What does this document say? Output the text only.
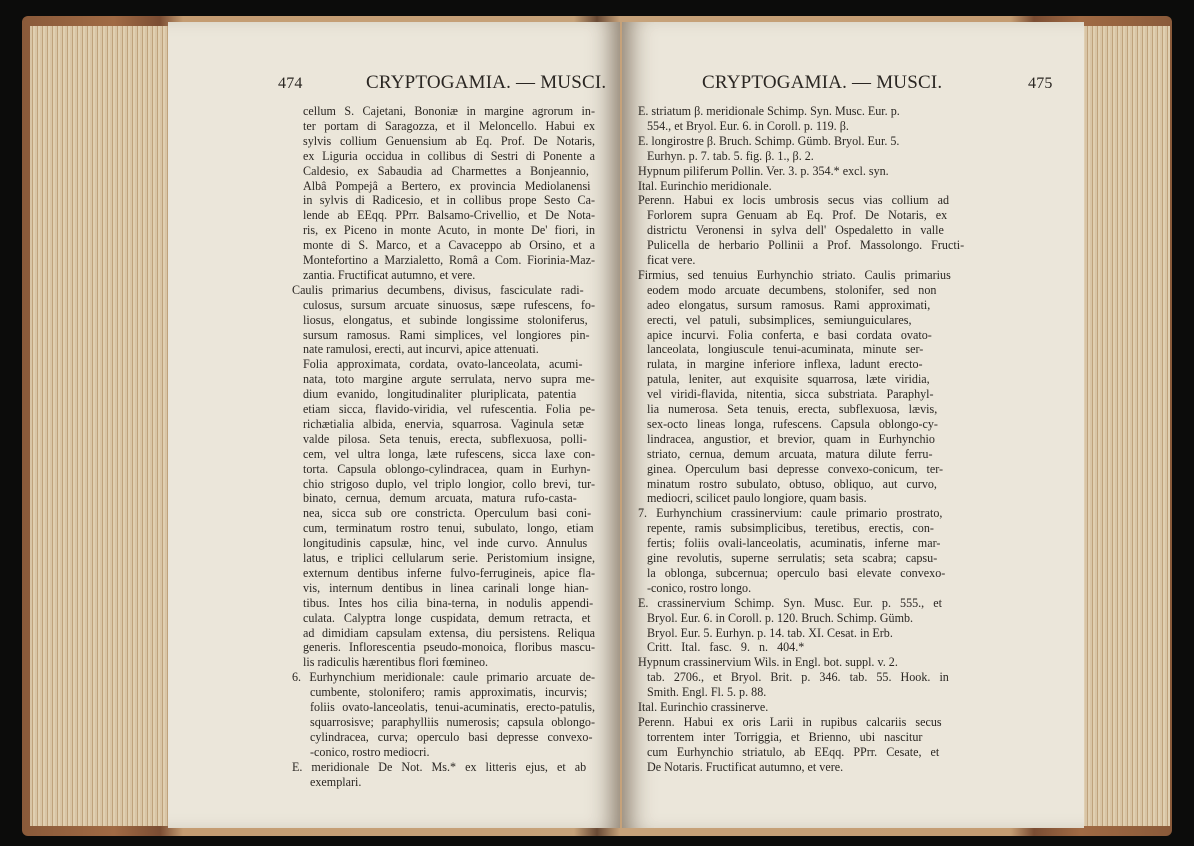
474	CRYPTOGAMIA. — MUSCI.
cellum S. Cajetani, Bononiæ in margine agrorum in-
ter portam di Saragozza, et il Meloncello. Habui ex
sylvis collium Genuensium ab Eq. Prof. De Notaris,
ex Liguria occidua in collibus di Sestri di Ponente a
Caldesio, ex Sabaudia ad Charmettes a Bonjeannio,
Albâ Pompejâ a Bertero, ex provincia Mediolanensi
in sylvis di Radicesio, et in collibus prope Sesto Ca-
lende ab EEqq. PPrr. Balsamo-Crivellio, et De Nota-
ris, ex Piceno in monte Acuto, in monte De' fiori, in
monte di S. Marco, et a Cavaceppo ab Orsino, et a
Montefortino a Marzialetto, Româ a Com. Fiorinia-Maz-
zantia. Fructificat autumno, et vere.
Caulis primarius decumbens, divisus, fasciculate radi-
culosus, sursum arcuate sinuosus, sæpe rufescens, fo-
liosus, elongatus, et subinde longissime stoloniferus,
sursum ramosus. Rami simplices, vel longiores pin-
nate ramulosi, erecti, aut incurvi, apice attenuati.
Folia approximata, cordata, ovato-lanceolata, acumi-
nata, toto margine argute serrulata, nervo supra me-
dium evanido, longitudinaliter pluriplicata, patentia
etiam sicca, flavido-viridia, vel rufescentia. Folia pe-
richætialia albida, enervia, squarrosa. Vaginula setæ
valde pilosa. Seta tenuis, erecta, subflexuosa, polli-
cem, vel ultra longa, læte rufescens, sicca laxe con-
torta. Capsula oblongo-cylindracea, quam in Eurhyn-
chio strigoso duplo, vel triplo longior, collo brevi, tur-
binato, cernua, demum arcuata, matura rufo-casta-
nea, sicca sub ore constricta. Operculum basi coni-
cum, terminatum rostro tenui, subulato, longo, etiam
longitudinis capsulæ, hinc, vel inde curvo. Annulus
latus, e triplici cellularum serie. Peristomium insigne,
externum dentibus inferne fulvo-ferrugineis, apice fla-
vis, internum dentibus in linea carinali longe hian-
tibus. Intes hos cilia bina-terna, in nodulis appendi-
culata. Calyptra longe cuspidata, demum retracta, et
ad dimidiam capsulam extensa, diu persistens. Reliqua
generis. Inflorescentia pseudo-monoica, floribus mascu-
lis radiculis hærentibus flori fœmineo.
6. Eurhynchium meridionale: caule primario arcuate de-
cumbente, stolonifero; ramis approximatis, incurvis;
foliis ovato-lanceolatis, tenui-acuminatis, erecto-patulis,
squarrosisve; paraphylliis numerosis; capsula oblongo-
cylindracea, curva; operculo basi depresse convexo-
-conico, rostro mediocri.
E. meridionale De Not. Ms.* ex litteris ejus, et ab
exemplari.
CRYPTOGAMIA. — MUSCI.	475
E. striatum β. meridionale Schimp. Syn. Musc. Eur. p.
554., et Bryol. Eur. 6. in Coroll. p. 119. β.
E. longirostre β. Bruch. Schimp. Gümb. Bryol. Eur. 5.
Eurhyn. p. 7. tab. 5. fig. β. 1., β. 2.
Hypnum piliferum Pollin. Ver. 3. p. 354.* excl. syn.
Ital. Eurinchio meridionale.
Perenn. Habui ex locis umbrosis secus vias collium ad
Forlorem supra Genuam ab Eq. Prof. De Notaris, ex
districtu Veronensi in sylva dell' Ospedaletto in valle
Pulicella de herbario Pollinii a Prof. Massolongo. Fructi-
ficat vere.
Firmius, sed tenuius Eurhynchio striato. Caulis primarius
eodem modo arcuate decumbens, stolonifer, sed non
adeo elongatus, sursum ramosus. Rami approximati,
erecti, vel patuli, subsimplices, semiunguiculares,
apice incurvi. Folia conferta, e basi cordata ovato-
lanceolata, longiuscule tenui-acuminata, minute ser-
rulata, in margine inferiore inflexa, ladunt erecto-
patula, leniter, aut exquisite squarrosa, læte viridia,
vel viridi-flavida, nitentia, sicca substriata. Paraphyl-
lia numerosa. Seta tenuis, erecta, subflexuosa, lævis,
sex-octo lineas longa, rufescens. Capsula oblongo-cy-
lindracea, angustior, et brevior, quam in Eurhynchio
striato, cernua, demum arcuata, matura dilute ferru-
ginea. Operculum basi depresse convexo-conicum, ter-
minatum rostro subulato, obtuso, obliquo, aut curvo,
mediocri, scilicet paulo longiore, quam basis.
7. Eurhynchium crassinervium: caule primario prostrato,
repente, ramis subsimplicibus, teretibus, erectis, con-
fertis; foliis ovali-lanceolatis, acuminatis, inferne mar-
gine revolutis, superne serrulatis; seta scabra; capsu-
la oblonga, subcernua; operculo basi elevate convexo-
-conico, rostro longo.
E. crassinervium Schimp. Syn. Musc. Eur. p. 555., et
Bryol. Eur. 6. in Coroll. p. 120. Bruch. Schimp. Gümb.
Bryol. Eur. 5. Eurhyn. p. 14. tab. XI. Cesat. in Erb.
Critt. Ital. fasc. 9. n. 404.*
Hypnum crassinervium Wils. in Engl. bot. suppl. v. 2.
tab. 2706., et Bryol. Brit. p. 346. tab. 55. Hook. in
Smith. Engl. Fl. 5. p. 88.
Ital. Eurinchio crassinerve.
Perenn. Habui ex oris Larii in rupibus calcariis secus
torrentem inter Torriggia, et Brienno, ubi nascitur
cum Eurhynchio striatulo, ab EEqq. PPrr. Cesate, et
De Notaris. Fructificat autumno, et vere.
